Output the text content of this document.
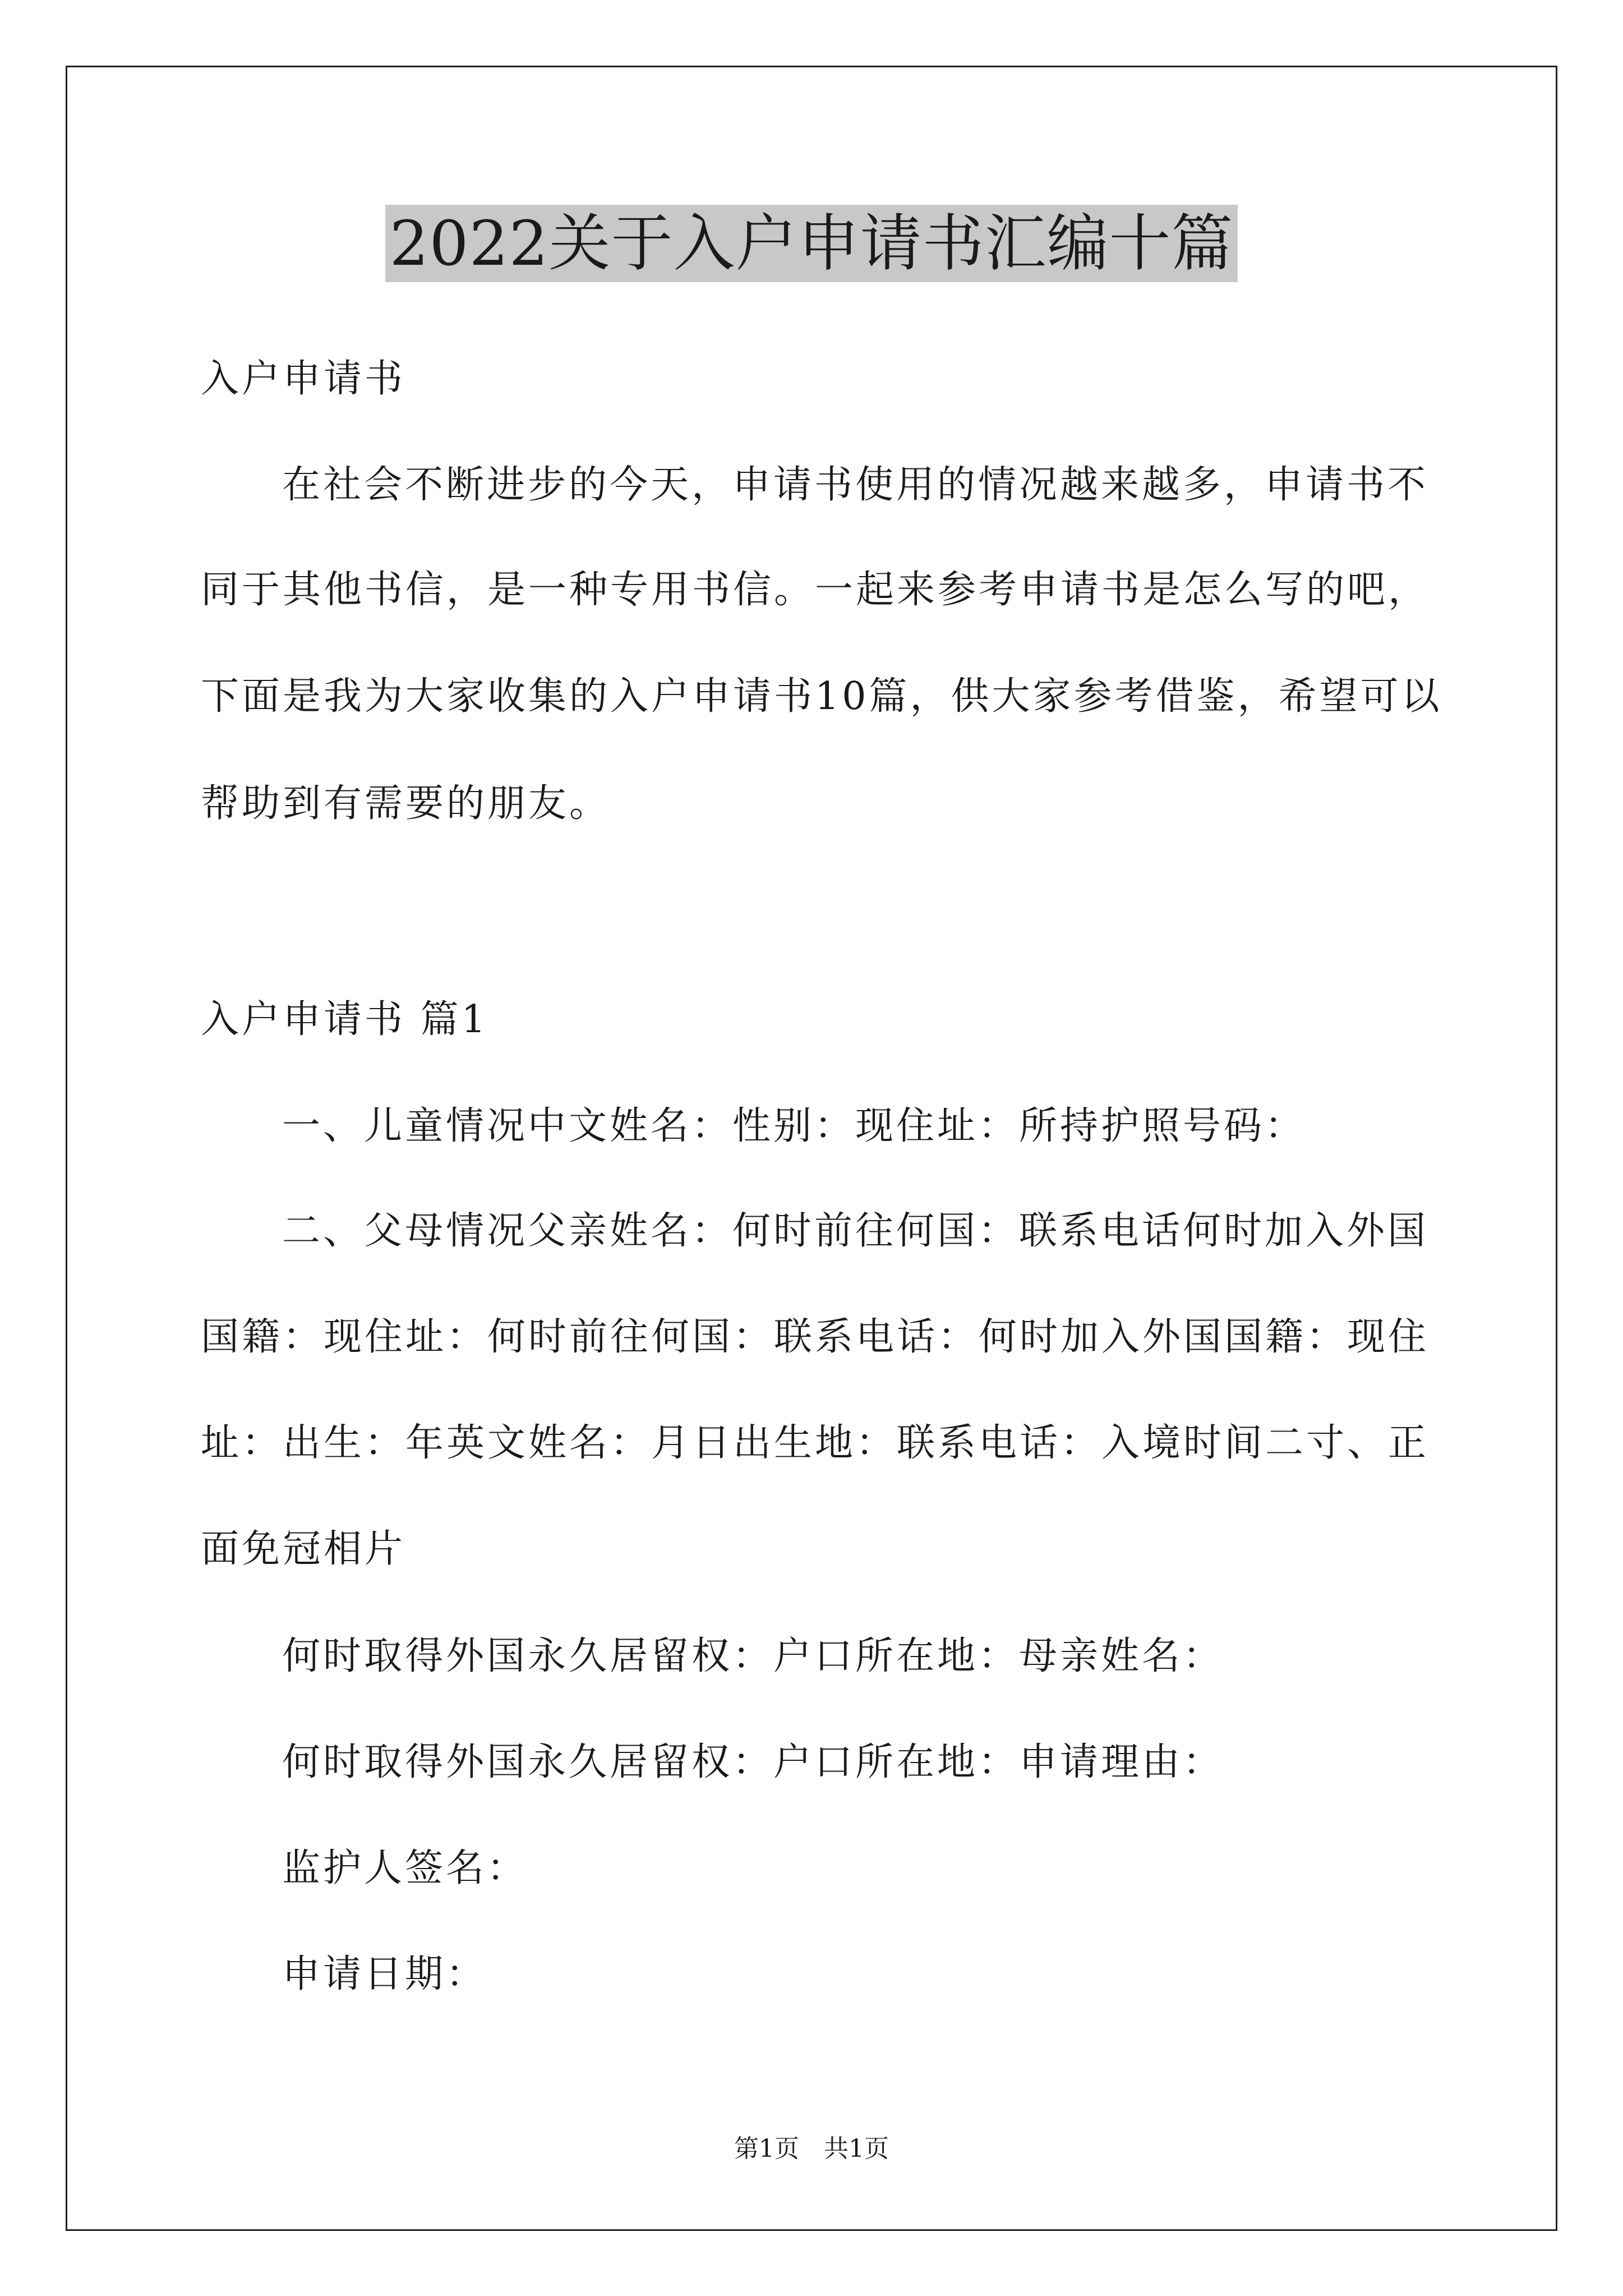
2022关于入户申请书汇编十篇
入户申请书
在社会不断进步的今天，申请书使用的情况越来越多，申请书不
同于其他书信，是一种专用书信。一起来参考申请书是怎么写的吧，
下面是我为大家收集的入户申请书10篇，供大家参考借鉴，希望可以
帮助到有需要的朋友。
入户申请书 篇1
一、儿童情况中文姓名：性别：现住址：所持护照号码：
二、父母情况父亲姓名：何时前往何国：联系电话何时加入外国
国籍：现住址：何时前往何国：联系电话：何时加入外国国籍：现住
址：出生：年英文姓名：月日出生地：联系电话：入境时间二寸、正
面免冠相片
何时取得外国永久居留权：户口所在地：母亲姓名：
何时取得外国永久居留权：户口所在地：申请理由：
监护人签名：
申请日期：
第1页　共1页
